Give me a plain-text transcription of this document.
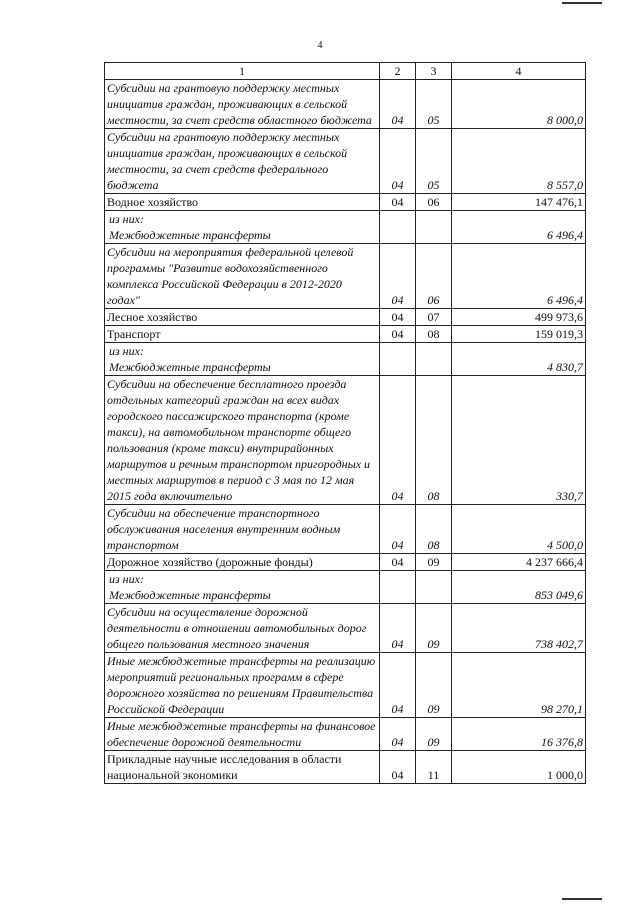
4
1	2	3	4
Субсидии на грантовую поддержку местных инициатив граждан, проживающих в сельской местности, за счет средств областного бюджета	04	05	8 000,0
Субсидии на грантовую поддержку местных инициатив граждан, проживающих в сельской местности, за счет средств федерального бюджета	04	05	8 557,0
Водное хозяйство	04	06	147 476,1
из них:
Межбюджетные трансферты			6 496,4
Субсидии на мероприятия федеральной целевой программы "Развитие водохозяйственного комплекса Российской Федерации в 2012-2020 годах"	04	06	6 496,4
Лесное хозяйство	04	07	499 973,6
Транспорт	04	08	159 019,3
из них:
Межбюджетные трансферты			4 830,7
Субсидии на обеспечение бесплатного проезда отдельных категорий граждан на всех видах городского пассажирского транспорта (кроме такси), на автомобильном транспорте общего пользования (кроме такси) внутрирайонных маршрутов и речным транспортом пригородных и местных маршрутов в период с 3 мая по 12 мая 2015 года включительно	04	08	330,7
Субсидии на обеспечение транспортного обслуживания населения внутренним водным транспортом	04	08	4 500,0
Дорожное хозяйство (дорожные фонды)	04	09	4 237 666,4
из них:
Межбюджетные трансферты			853 049,6
Субсидии на осуществление дорожной деятельности в отношении автомобильных дорог общего пользования местного значения	04	09	738 402,7
Иные межбюджетные трансферты на реализацию мероприятий региональных программ в сфере дорожного хозяйства по решениям Правительства Российской Федерации	04	09	98 270,1
Иные межбюджетные трансферты на финансовое обеспечение дорожной деятельности	04	09	16 376,8
Прикладные научные исследования в области национальной экономики	04	11	1 000,0
